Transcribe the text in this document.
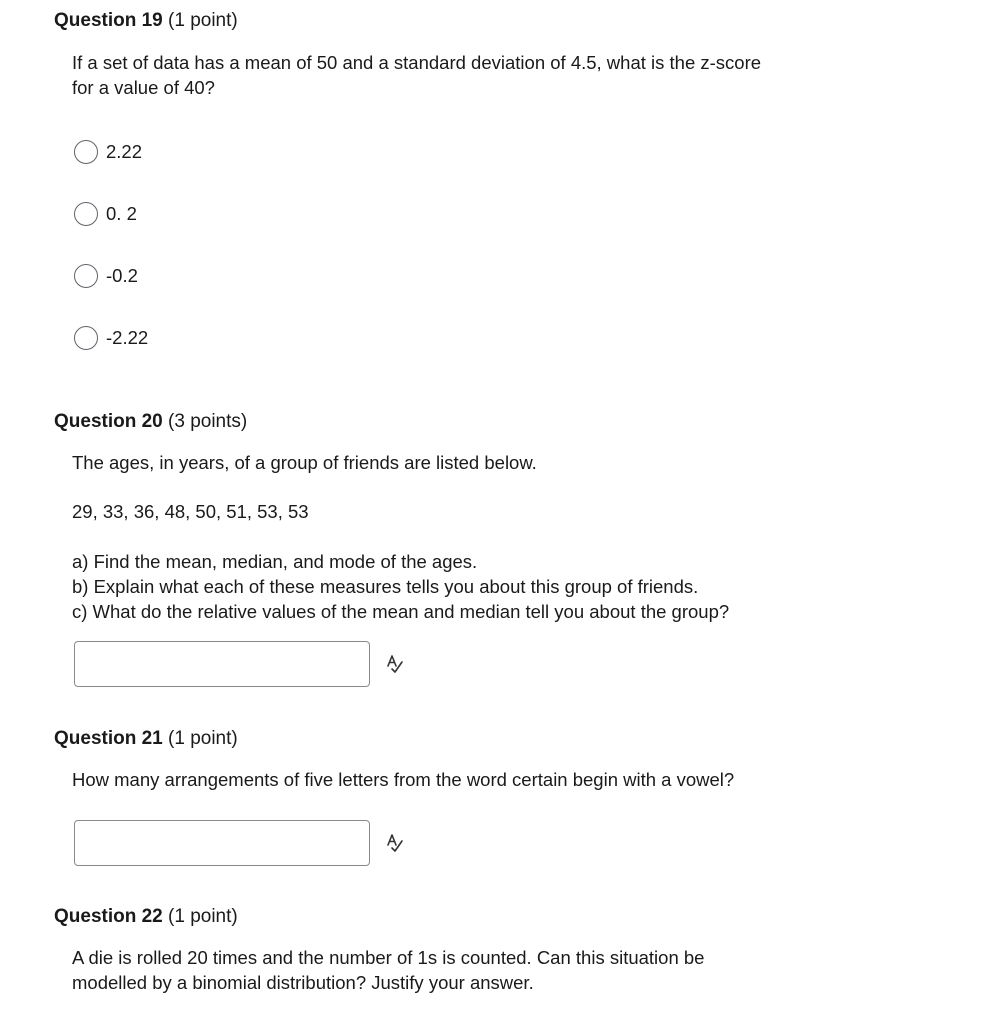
Question 19 (1 point)

If a set of data has a mean of 50 and a standard deviation of 4.5, what is the z-score

for a value of 40?

2.22
0. 2
-0.2
-2.22

Question 20 (3 points)

The ages, in years, of a group of friends are listed below.

29, 33, 36, 48, 50, 51, 53, 53

a) Find the mean, median, and mode of the ages.

b) Explain what each of these measures tells you about this group of friends.

c) What do the relative values of the mean and median tell you about the group?

Question 21 (1 point)

How many arrangements of five letters from the word certain begin with a vowel?

Question 22 (1 point)

A die is rolled 20 times and the number of 1s is counted. Can this situation be

modelled by a binomial distribution? Justify your answer.
